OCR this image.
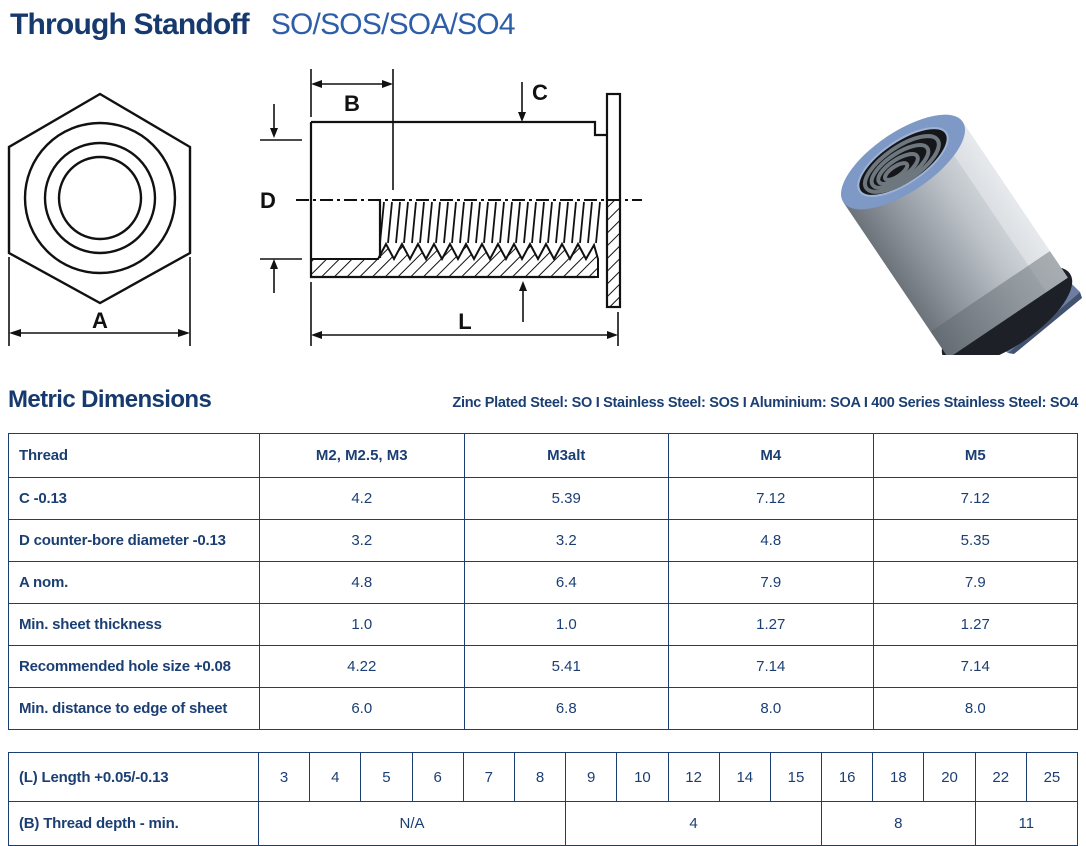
Through Standoff SO/SOS/SOA/SO4
A
B	C
D
L
Metric Dimensions	Zinc Plated Steel: SO I Stainless Steel: SOS I Aluminium: SOA I 400 Series Stainless Steel: SO4
Thread	M2, M2.5, M3	M3alt	M4	M5
C -0.13	4.2	5.39	7.12	7.12
D counter-bore diameter -0.13	3.2	3.2	4.8	5.35
A nom.	4.8	6.4	7.9	7.9
Min. sheet thickness	1.0	1.0	1.27	1.27
Recommended hole size +0.08	4.22	5.41	7.14	7.14
Min. distance to edge of sheet	6.0	6.8	8.0	8.0
(L) Length +0.05/-0.13	3	4	5	6	7	8	9	10	12	14	15	16	18	20	22	25
(B) Thread depth - min.	N/A						4					8			11	
